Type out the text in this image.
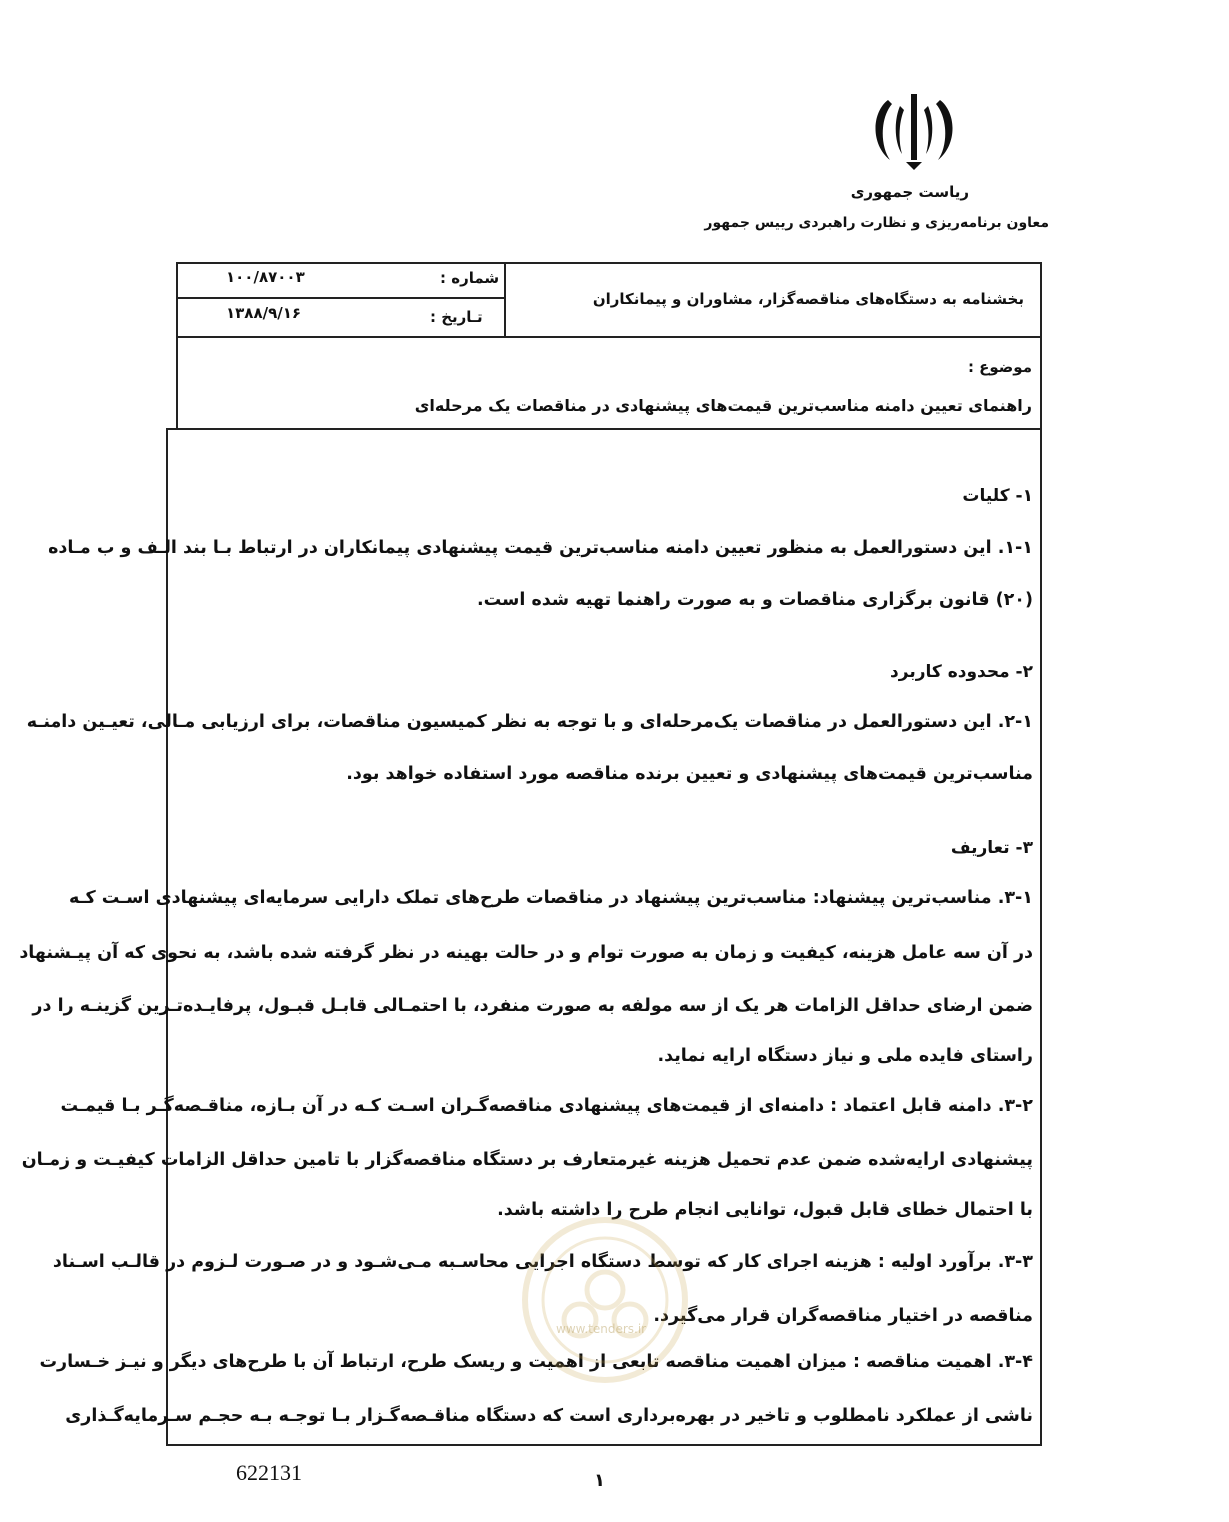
ریاست جمهوری
معاون برنامه‌ریزی و نظارت راهبردی رییس جمهور
بخشنامه به دستگاه‌های مناقصه‌گزار، مشاوران و پیمانکاران
شماره :
۱۰۰/۸۷۰۰۳
تـاریخ :
۱۳۸۸/۹/۱۶
موضوع :
راهنمای تعیین دامنه مناسب‌ترین قیمت‌های پیشنهادی در مناقصات یک مرحله‌ای
۱- کلیات
۱-۱. این دستورالعمل به منظور تعیین دامنه مناسب‌ترین قیمت پیشنهادی پیمانکاران در ارتباط بـا بند الـف و ب مـاده
(۲۰) قانون برگزاری مناقصات و به صورت راهنما تهیه شده است.
۲- محدوده کاربرد
۲-۱. این دستورالعمل در مناقصات یک‌مرحله‌ای و با توجه به نظر کمیسیون مناقصات، برای ارزیابی مـالی، تعیـین دامنـه
مناسب‌ترین قیمت‌های پیشنهادی و تعیین برنده مناقصه مورد استفاده خواهد بود.
۳- تعاریف
۳-۱. مناسب‌ترین پیشنهاد: مناسب‌ترین پیشنهاد در مناقصات طرح‌های تملک دارایی سرمایه‌ای پیشنهادی اسـت کـه
در آن سه عامل هزینه، کیفیت و زمان به صورت توام و در حالت بهینه در نظر گرفته شده باشد، به نحوی که آن پیـشنهاد
ضمن ارضای حداقل الزامات هر یک از سه مولفه به صورت منفرد، با احتمـالی قابـل قبـول، پرفایـده‌تـرین گزینـه را در
راستای فایده ملی و نیاز دستگاه ارایه نماید.
۳-۲. دامنه قابل اعتماد : دامنه‌ای از قیمت‌های پیشنهادی مناقصه‌گـران اسـت کـه در آن بـازه، مناقـصه‌گـر بـا قیمـت
پیشنهادی ارایه‌شده ضمن عدم تحمیل هزینه غیرمتعارف بر دستگاه مناقصه‌گزار با تامین حداقل الزامات کیفیـت و زمـان
با احتمال خطای قابل قبول، توانایی انجام طرح را داشته باشد.
۳-۳. برآورد اولیه : هزینه اجرای کار که توسط دستگاه اجرایی محاسـبه مـی‌شـود و در صـورت لـزوم در قالـب اسـناد
مناقصه در اختیار مناقصه‌گران قرار می‌گیرد.
۳-۴. اهمیت مناقصه : میزان اهمیت مناقصه تابعی از اهمیت و ریسک طرح، ارتباط آن با طرح‌های دیگر و نیـز خـسارت
ناشی از عملکرد نامطلوب و تاخیر در بهره‌برداری است که دستگاه مناقـصه‌گـزار بـا توجـه بـه حجـم سـرمایه‌گـذاری
www.tenders.ir
622131	۱
